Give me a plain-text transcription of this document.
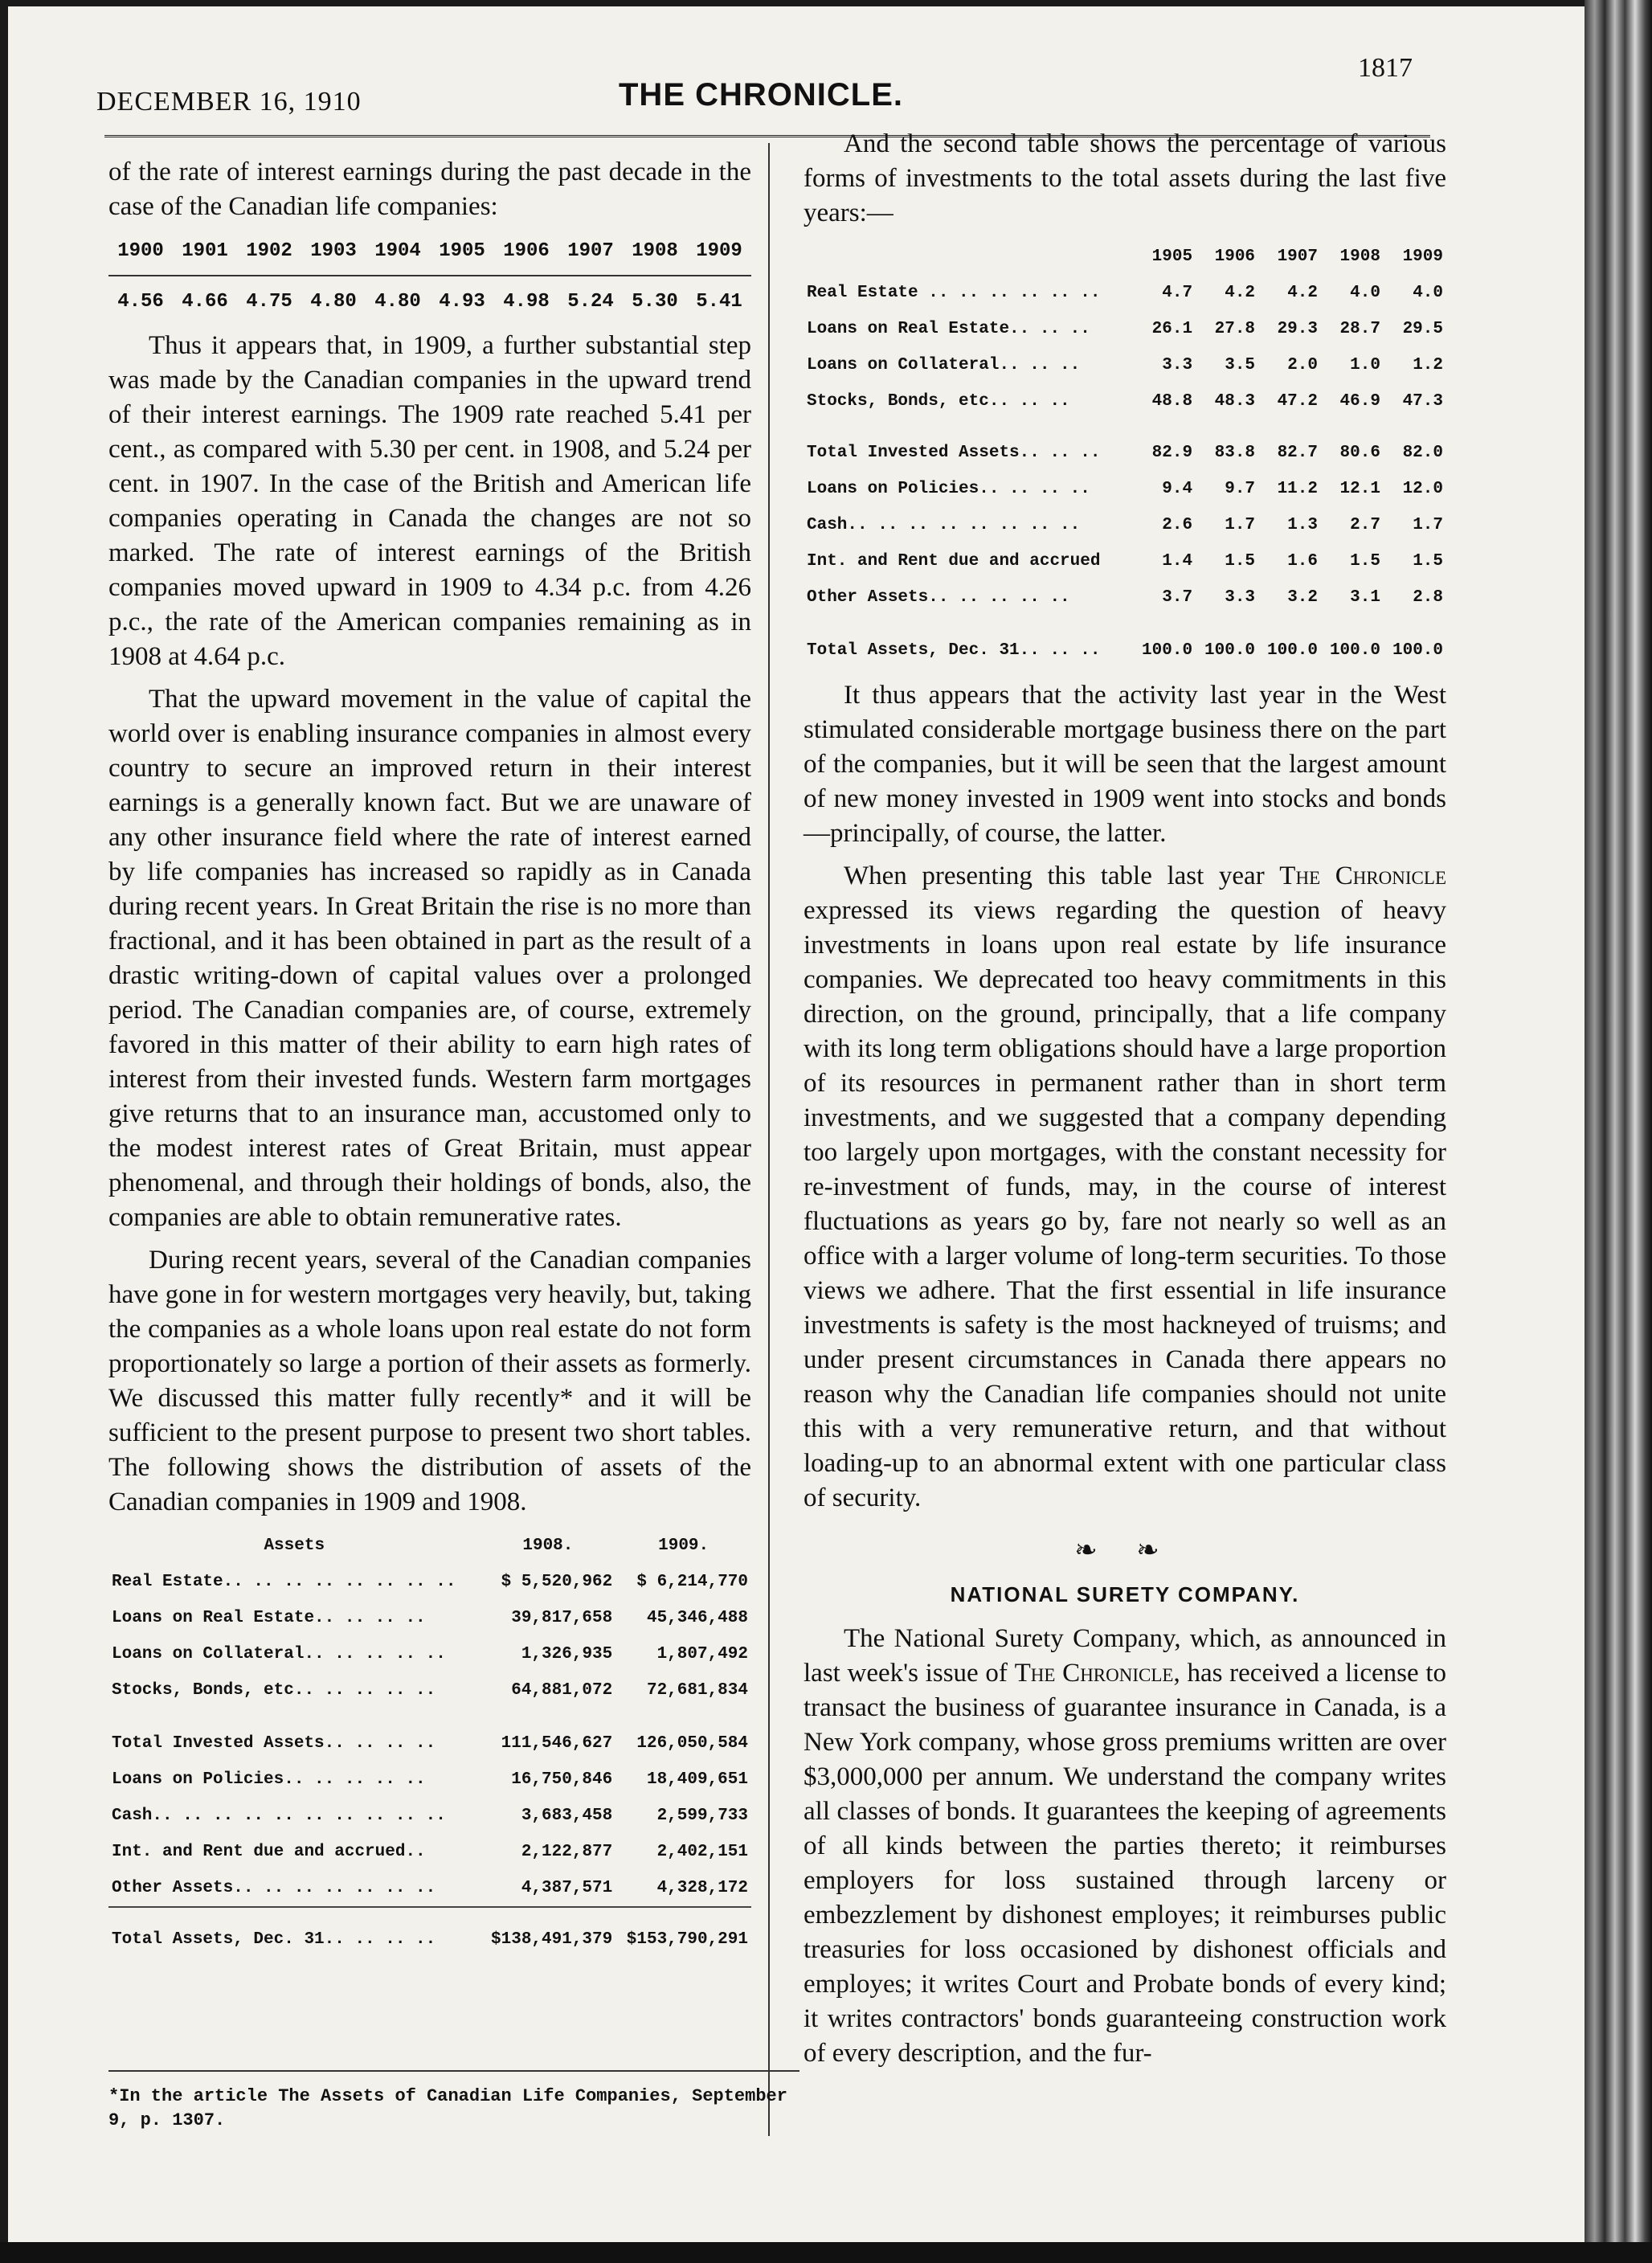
DECEMBER 16, 1910	THE CHRONICLE.
1817

of the rate of interest earnings during the past decade in the case of the Canadian life companies:

1900	1901	1902	1903	1904	1905	1906	1907	1908	1909
4.56	4.66	4.75	4.80	4.80	4.93	4.98	5.24	5.30	5.41

Thus it appears that, in 1909, a further substantial step was made by the Canadian companies in the upward trend of their interest earnings. The 1909 rate reached 5.41 per cent., as compared with 5.30 per cent. in 1908, and 5.24 per cent. in 1907. In the case of the British and American life companies operating in Canada the changes are not so marked. The rate of interest earnings of the British companies moved upward in 1909 to 4.34 p.c. from 4.26 p.c., the rate of the American companies remaining as in 1908 at 4.64 p.c.

That the upward movement in the value of capital the world over is enabling insurance companies in almost every country to secure an improved return in their interest earnings is a generally known fact. But we are unaware of any other insurance field where the rate of interest earned by life companies has increased so rapidly as in Canada during recent years. In Great Britain the rise is no more than fractional, and it has been obtained in part as the result of a drastic writing-down of capital values over a prolonged period. The Canadian companies are, of course, extremely favored in this matter of their ability to earn high rates of interest from their invested funds. Western farm mortgages give returns that to an insurance man, accustomed only to the modest interest rates of Great Britain, must appear phenomenal, and through their holdings of bonds, also, the companies are able to obtain remunerative rates.

During recent years, several of the Canadian companies have gone in for western mortgages very heavily, but, taking the companies as a whole loans upon real estate do not form proportionately so large a portion of their assets as formerly. We discussed this matter fully recently* and it will be sufficient to the present purpose to present two short tables. The following shows the distribution of assets of the Canadian companies in 1909 and 1908.

Assets	1908.	1909.
Real Estate.. .. .. .. .. .. .. ..	$ 5,520,962	$ 6,214,770
Loans on Real Estate.. .. .. ..	39,817,658	45,346,488
Loans on Collateral.. .. .. .. ..	1,326,935	1,807,492
Stocks, Bonds, etc.. .. .. .. ..	64,881,072	72,681,834
Total Invested Assets.. .. .. ..	111,546,627	126,050,584
Loans on Policies.. .. .. .. ..	16,750,846	18,409,651
Cash.. .. .. .. .. .. .. .. .. ..	3,683,458	2,599,733
Int. and Rent due and accrued..	2,122,877	2,402,151
Other Assets.. .. .. .. .. .. ..	4,387,571	4,328,172
Total Assets, Dec. 31.. .. .. ..	$138,491,379	$153,790,291
*In the article The Assets of Canadian Life Companies, September 9, p. 1307.

And the second table shows the percentage of various forms of investments to the total assets during the last five years:—

	1905	1906	1907	1908	1909
Real Estate .. .. .. .. .. ..	4.7	4.2	4.2	4.0	4.0
Loans on Real Estate.. .. ..	26.1	27.8	29.3	28.7	29.5
Loans on Collateral.. .. ..	3.3	3.5	2.0	1.0	1.2
Stocks, Bonds, etc.. .. ..	48.8	48.3	47.2	46.9	47.3
Total Invested Assets.. .. ..	82.9	83.8	82.7	80.6	82.0
Loans on Policies.. .. .. ..	9.4	9.7	11.2	12.1	12.0
Cash.. .. .. .. .. .. .. ..	2.6	1.7	1.3	2.7	1.7
Int. and Rent due and accrued	1.4	1.5	1.6	1.5	1.5
Other Assets.. .. .. .. ..	3.7	3.3	3.2	3.1	2.8
Total Assets, Dec. 31.. .. ..	100.0	100.0	100.0	100.0	100.0

It thus appears that the activity last year in the West stimulated considerable mortgage business there on the part of the companies, but it will be seen that the largest amount of new money invested in 1909 went into stocks and bonds—principally, of course, the latter.

When presenting this table last year The Chronicle expressed its views regarding the question of heavy investments in loans upon real estate by life insurance companies. We deprecated too heavy commitments in this direction, on the ground, principally, that a life company with its long term obligations should have a large proportion of its resources in permanent rather than in short term investments, and we suggested that a company depending too largely upon mortgages, with the constant necessity for re-investment of funds, may, in the course of interest fluctuations as years go by, fare not nearly so well as an office with a larger volume of long-term securities. To those views we adhere. That the first essential in life insurance investments is safety is the most hackneyed of truisms; and under present circumstances in Canada there appears no reason why the Canadian life companies should not unite this with a very remunerative return, and that without loading-up to an abnormal extent with one particular class of security.

❧ ❧
NATIONAL SURETY COMPANY.

The National Surety Company, which, as announced in last week's issue of The Chronicle, has received a license to transact the business of guarantee insurance in Canada, is a New York company, whose gross premiums written are over $3,000,000 per annum. We understand the company writes all classes of bonds. It guarantees the keeping of agreements of all kinds between the parties thereto; it reimburses employers for loss sustained through larceny or embezzlement by dishonest employes; it reimburses public treasuries for loss occasioned by dishonest officials and employes; it writes Court and Probate bonds of every kind; it writes contractors' bonds guaranteeing construction work of every description, and the fur-
